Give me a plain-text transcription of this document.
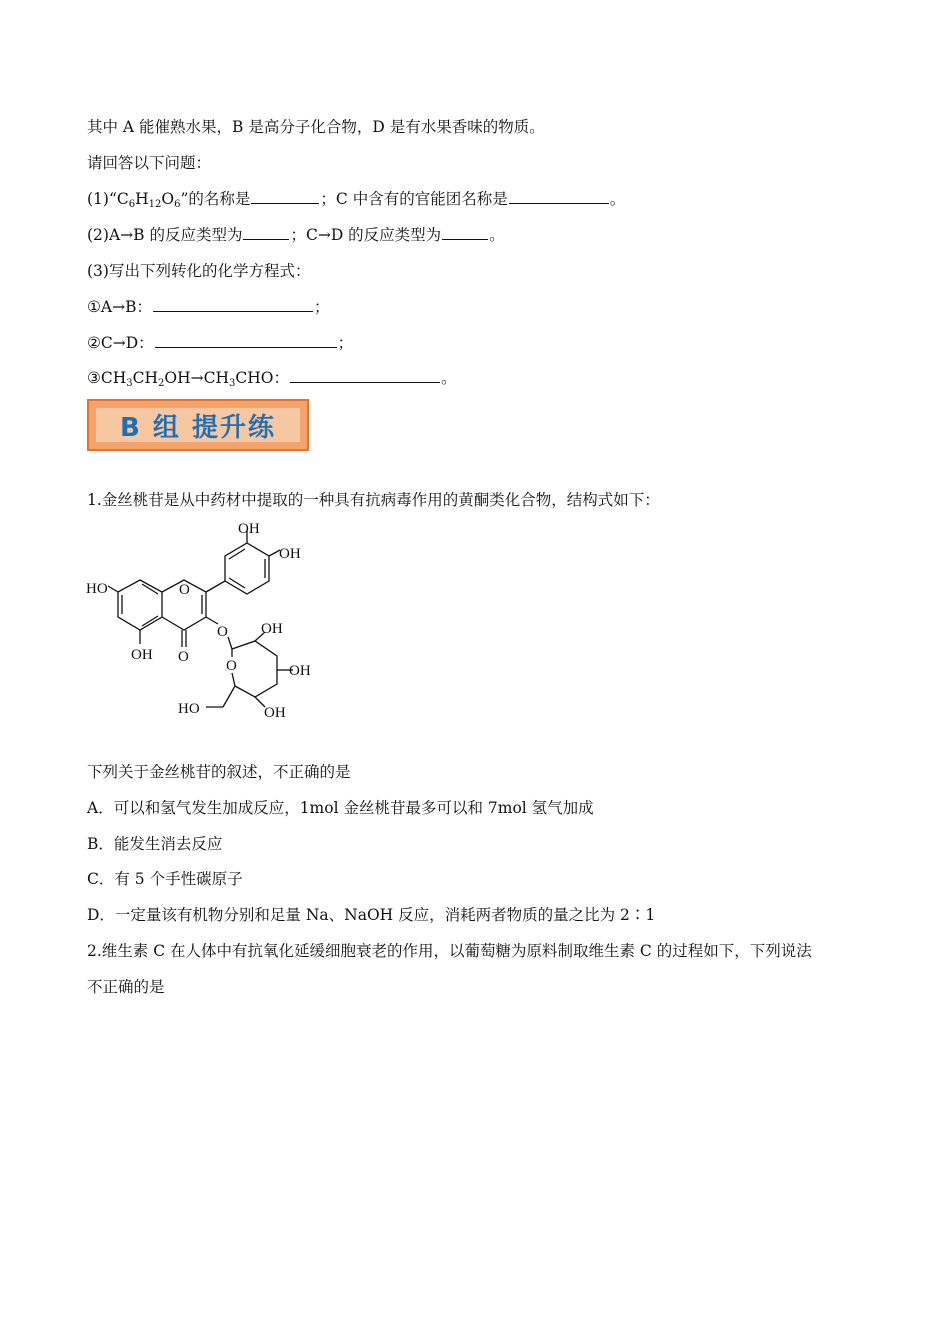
其中 A 能催熟水果，B 是高分子化合物，D 是有水果香味的物质。
请回答以下问题：
$(1)“C_6H_{12}O_6$”的名称是	；C 中含有的官能团名称是	。
(2)A→B 的反应类型为	；C→D 的反应类型为	。
(3)写出下列转化的化学方程式：
①A→B：	；
②C→D：	；
$③CH_3CH_2OH\to CH_3CHO$：	。
B 组 提升练
1.金丝桃苷是从中药材中提取的一种具有抗病毒作用的黄酮类化合物，结构式如下：
OH
OH
HO	O
O
OH O
O
OH
OH
OH
HO
下列关于金丝桃苷的叙述，不正确的是
A．可以和氢气发生加成反应，1mol 金丝桃苷最多可以和 7mol 氢气加成
B．能发生消去反应
C．有 5 个手性碳原子
D．一定量该有机物分别和足量 Na、NaOH 反应，消耗两者物质的量之比为 2∶1
2.维生素 C 在人体中有抗氧化延缓细胞衰老的作用，以葡萄糖为原料制取维生素 C 的过程如下，下列说法
不正确的是
